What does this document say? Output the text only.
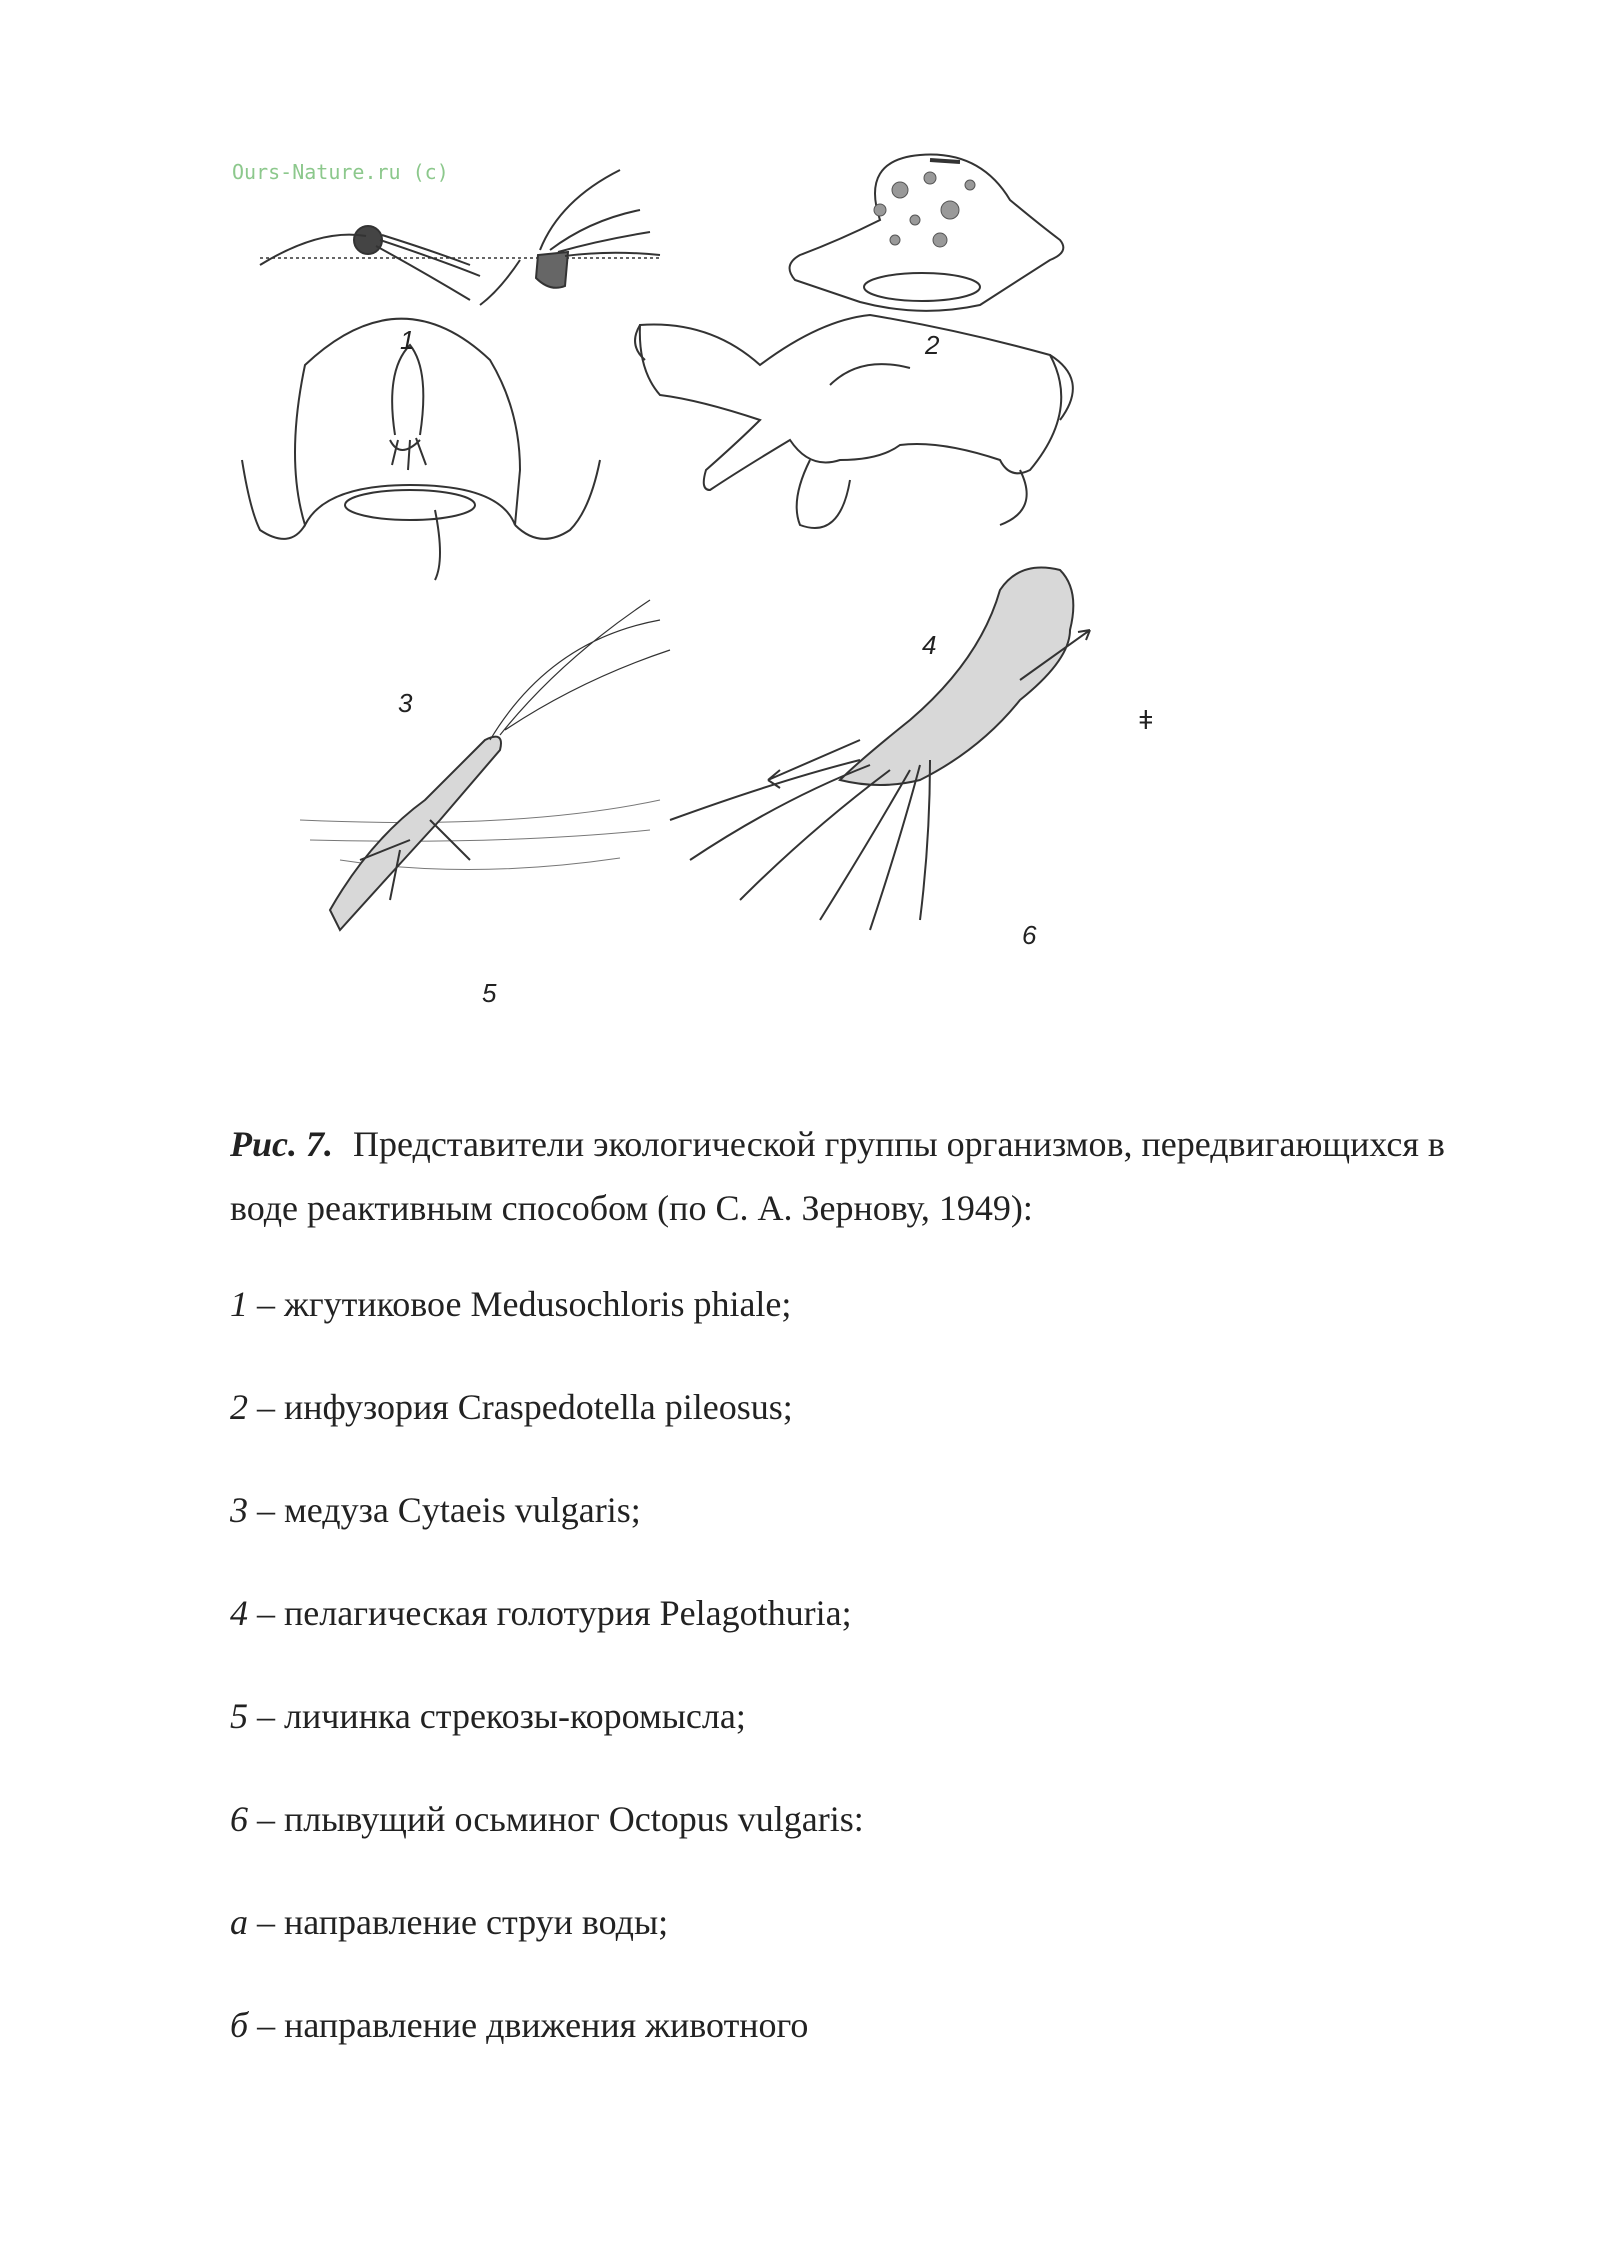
Ours-Nature.ru (c)
1	2
3
4
5
6
ǂ
Рис. 7. Представители экологической группы организмов, передвигающихся в воде реактивным способом (по С. А. Зернову, 1949):
1 – жгутиковое Medusochloris phiale;
2 – инфузория Craspedotella pileosus;
3 – медуза Cytaeis vulgaris;
4 – пелагическая голотурия Pelagothuria;
5 – личинка стрекозы-коромысла;
6 – плывущий осьминог Octopus vulgaris:
а – направление струи воды;
б – направление движения животного
